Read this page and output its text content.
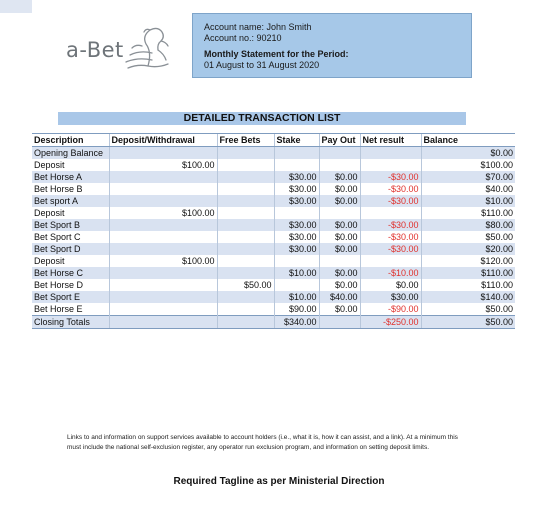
a-Bet
Account name: John Smith
Account no.: 90210
Monthly Statement for the Period:
01 August to 31 August 2020
DETAILED TRANSACTION LIST
Description	Deposit/Withdrawal	Free Bets	Stake	Pay Out	Net result	Balance
Opening Balance						$0.00
Deposit	$100.00					$100.00
Bet Horse A			$30.00	$0.00	-$30.00	$70.00
Bet Horse B			$30.00	$0.00	-$30.00	$40.00
Bet sport A			$30.00	$0.00	-$30.00	$10.00
Deposit	$100.00					$110.00
Bet Sport B			$30.00	$0.00	-$30.00	$80.00
Bet Sport C			$30.00	$0.00	-$30.00	$50.00
Bet Sport D			$30.00	$0.00	-$30.00	$20.00
Deposit	$100.00					$120.00
Bet Horse C			$10.00	$0.00	-$10.00	$110.00
Bet Horse D		$50.00		$0.00	$0.00	$110.00
Bet Sport E			$10.00	$40.00	$30.00	$140.00
Bet Horse E			$90.00	$0.00	-$90.00	$50.00
Closing Totals			$340.00		-$250.00	$50.00
Links to and information on support services available to account holders (i.e., what it is, how it can assist, and a link). At a minimum this must include the national self-exclusion register, any operator run exclusion program, and information on setting deposit limits.
Required Tagline as per Ministerial Direction
